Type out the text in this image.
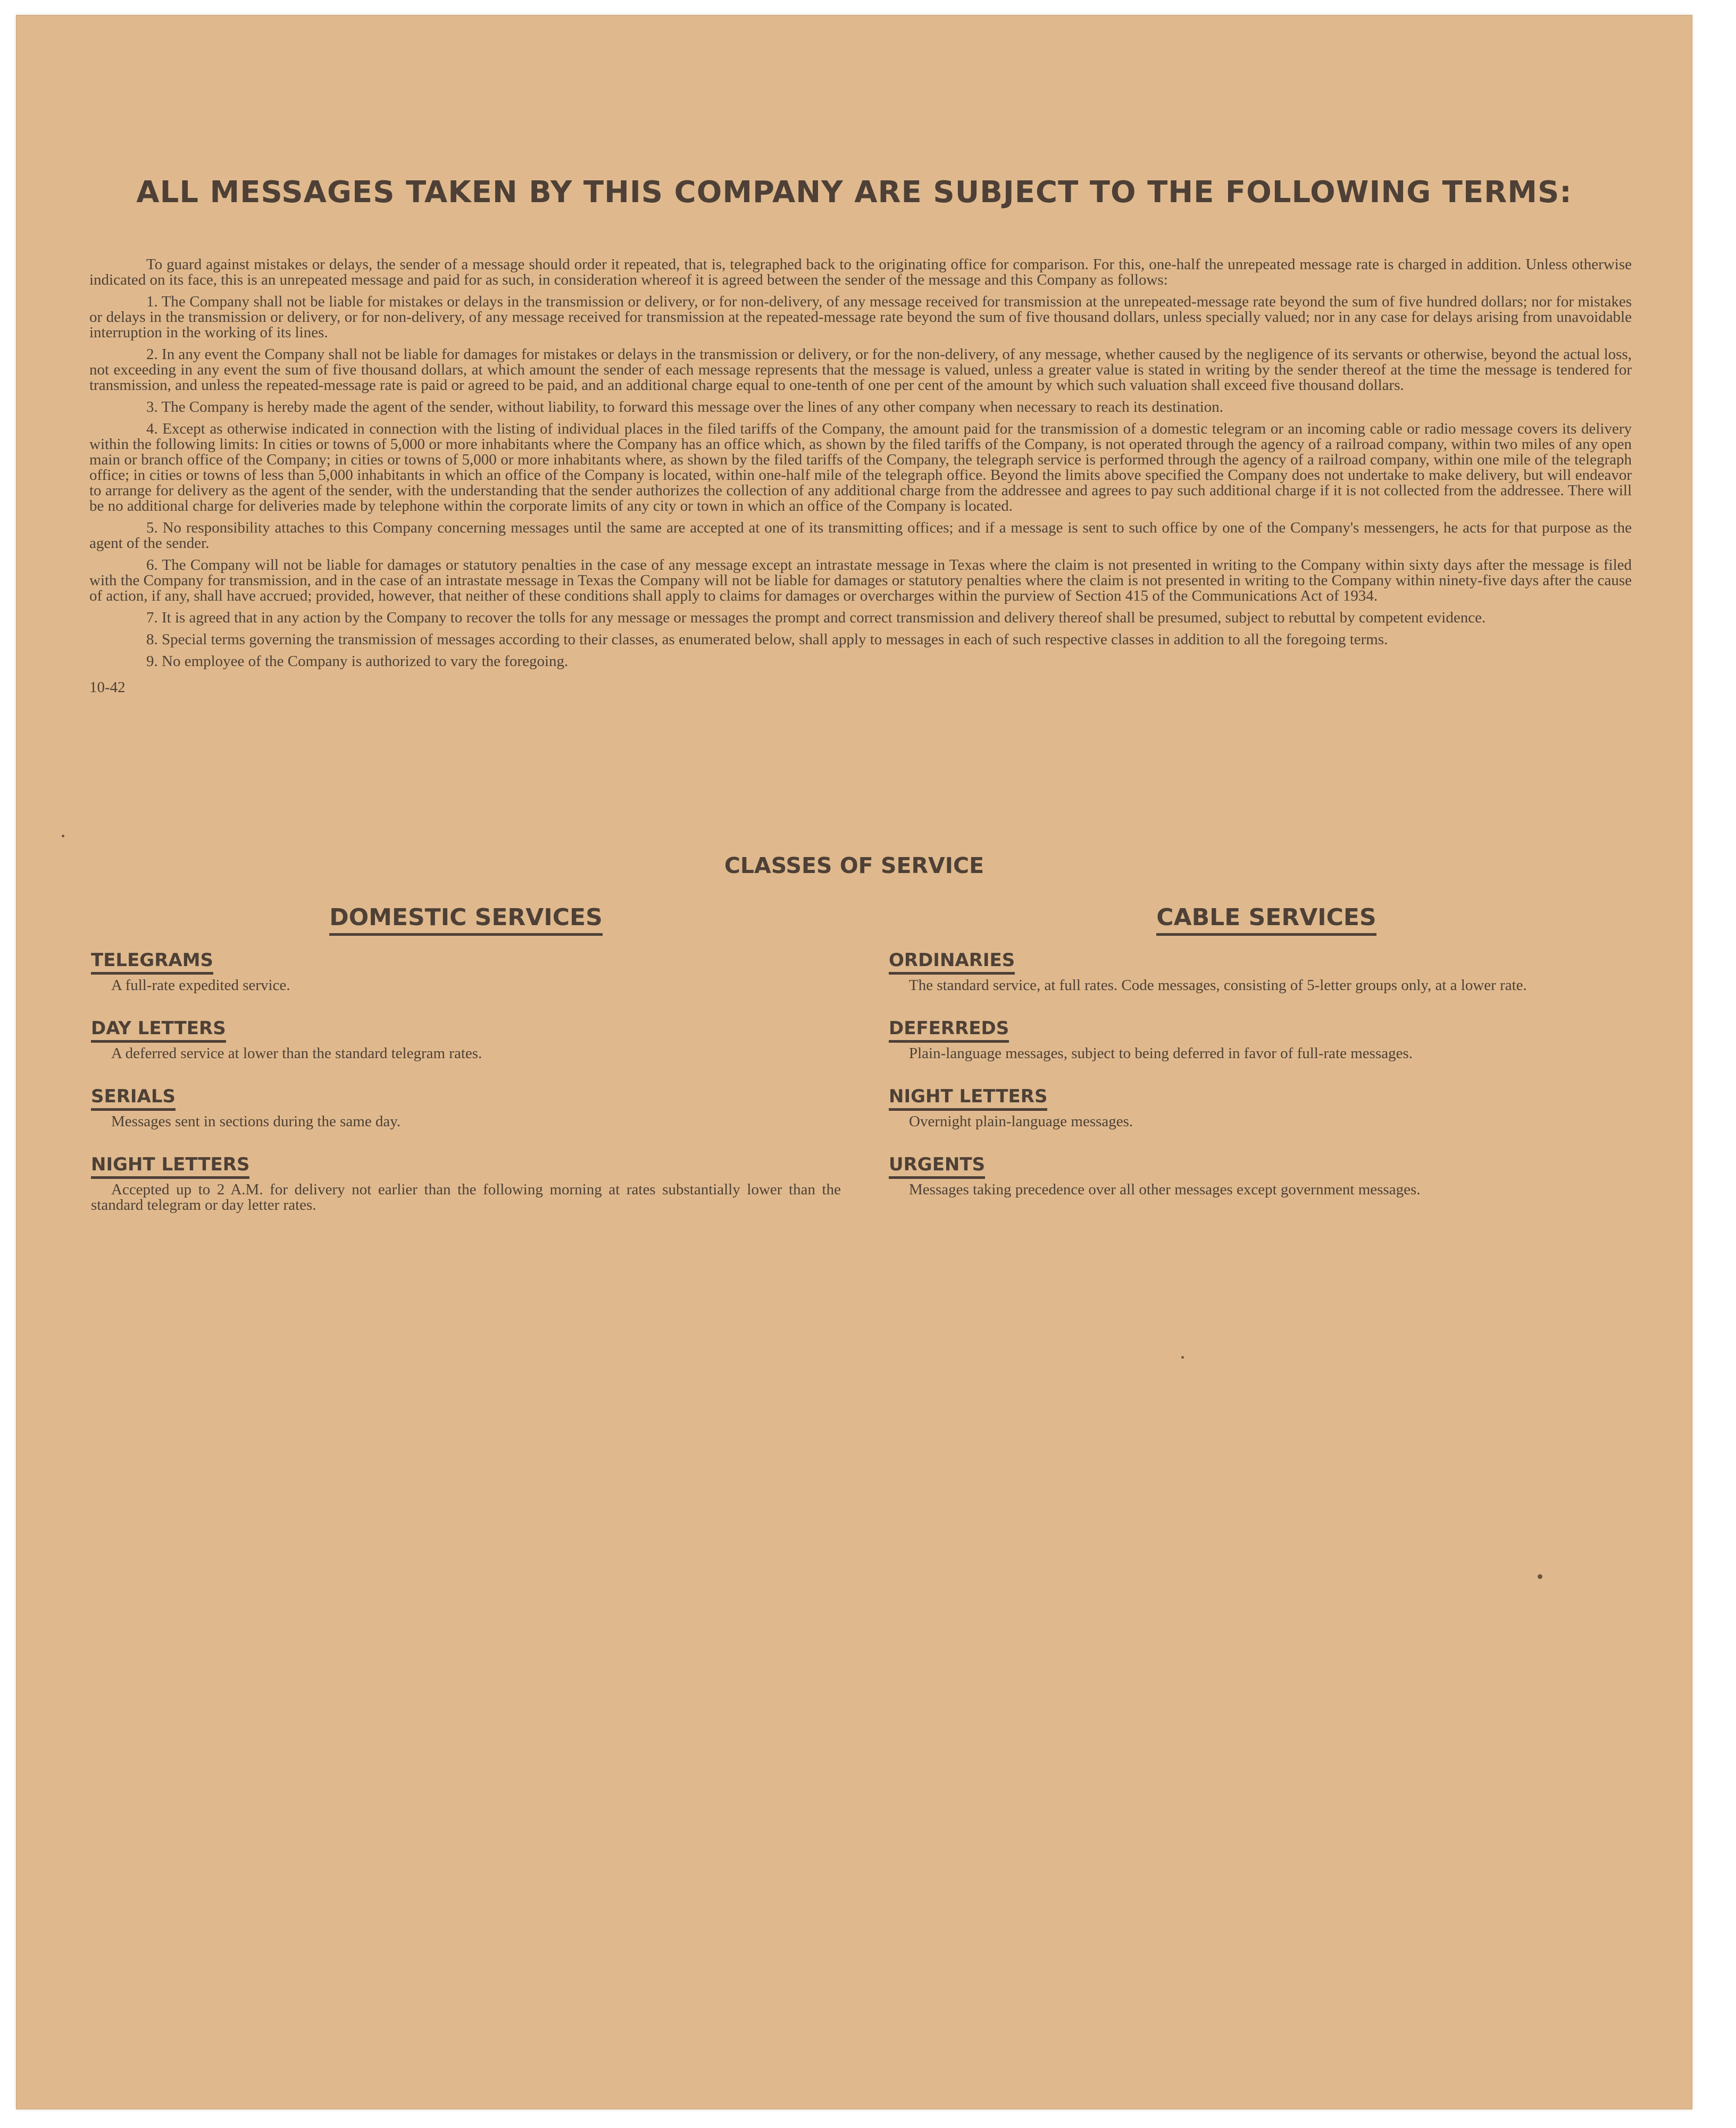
ALL MESSAGES TAKEN BY THIS COMPANY ARE SUBJECT TO THE FOLLOWING TERMS:

To guard against mistakes or delays, the sender of a message should order it repeated, that is, telegraphed back to the originating office for comparison. For this, one-half the unrepeated message rate is charged in addition. Unless otherwise indicated on its face, this is an unrepeated message and paid for as such, in consideration whereof it is agreed between the sender of the message and this Company as follows:

1. The Company shall not be liable for mistakes or delays in the transmission or delivery, or for non-delivery, of any message received for transmission at the unrepeated-message rate beyond the sum of five hundred dollars; nor for mistakes or delays in the transmission or delivery, or for non-delivery, of any message received for transmission at the repeated-message rate beyond the sum of five thousand dollars, unless specially valued; nor in any case for delays arising from unavoidable interruption in the working of its lines.

2. In any event the Company shall not be liable for damages for mistakes or delays in the transmission or delivery, or for the non-delivery, of any message, whether caused by the negligence of its servants or otherwise, beyond the actual loss, not exceeding in any event the sum of five thousand dollars, at which amount the sender of each message represents that the message is valued, unless a greater value is stated in writing by the sender thereof at the time the message is tendered for transmission, and unless the repeated-message rate is paid or agreed to be paid, and an additional charge equal to one-tenth of one per cent of the amount by which such valuation shall exceed five thousand dollars.

3. The Company is hereby made the agent of the sender, without liability, to forward this message over the lines of any other company when necessary to reach its destination.

4. Except as otherwise indicated in connection with the listing of individual places in the filed tariffs of the Company, the amount paid for the transmission of a domestic telegram or an incoming cable or radio message covers its delivery within the following limits: In cities or towns of 5,000 or more inhabitants where the Company has an office which, as shown by the filed tariffs of the Company, is not operated through the agency of a railroad company, within two miles of any open main or branch office of the Company; in cities or towns of 5,000 or more inhabitants where, as shown by the filed tariffs of the Company, the telegraph service is performed through the agency of a railroad company, within one mile of the telegraph office; in cities or towns of less than 5,000 inhabitants in which an office of the Company is located, within one-half mile of the telegraph office. Beyond the limits above specified the Company does not undertake to make delivery, but will endeavor to arrange for delivery as the agent of the sender, with the understanding that the sender authorizes the collection of any additional charge from the addressee and agrees to pay such additional charge if it is not collected from the addressee. There will be no additional charge for deliveries made by telephone within the corporate limits of any city or town in which an office of the Company is located.

5. No responsibility attaches to this Company concerning messages until the same are accepted at one of its transmitting offices; and if a message is sent to such office by one of the Company's messengers, he acts for that purpose as the agent of the sender.

6. The Company will not be liable for damages or statutory penalties in the case of any message except an intrastate message in Texas where the claim is not presented in writing to the Company within sixty days after the message is filed with the Company for transmission, and in the case of an intrastate message in Texas the Company will not be liable for damages or statutory penalties where the claim is not presented in writing to the Company within ninety-five days after the cause of action, if any, shall have accrued; provided, however, that neither of these conditions shall apply to claims for damages or overcharges within the purview of Section 415 of the Communications Act of 1934.

7. It is agreed that in any action by the Company to recover the tolls for any message or messages the prompt and correct transmission and delivery thereof shall be presumed, subject to rebuttal by competent evidence.

8. Special terms governing the transmission of messages according to their classes, as enumerated below, shall apply to messages in each of such respective classes in addition to all the foregoing terms.

9. No employee of the Company is authorized to vary the foregoing.

10-42

CLASSES OF SERVICE
DOMESTIC SERVICES
TELEGRAMS

A full-rate expedited service.

DAY LETTERS

A deferred service at lower than the standard telegram rates.

SERIALS

Messages sent in sections during the same day.

NIGHT LETTERS

Accepted up to 2 A.M. for delivery not earlier than the following morning at rates substantially lower than the standard telegram or day letter rates.

CABLE SERVICES
ORDINARIES

The standard service, at full rates. Code messages, consisting of 5-letter groups only, at a lower rate.

DEFERREDS

Plain-language messages, subject to being deferred in favor of full-rate messages.

NIGHT LETTERS

Overnight plain-language messages.

URGENTS

Messages taking precedence over all other messages except government messages.
